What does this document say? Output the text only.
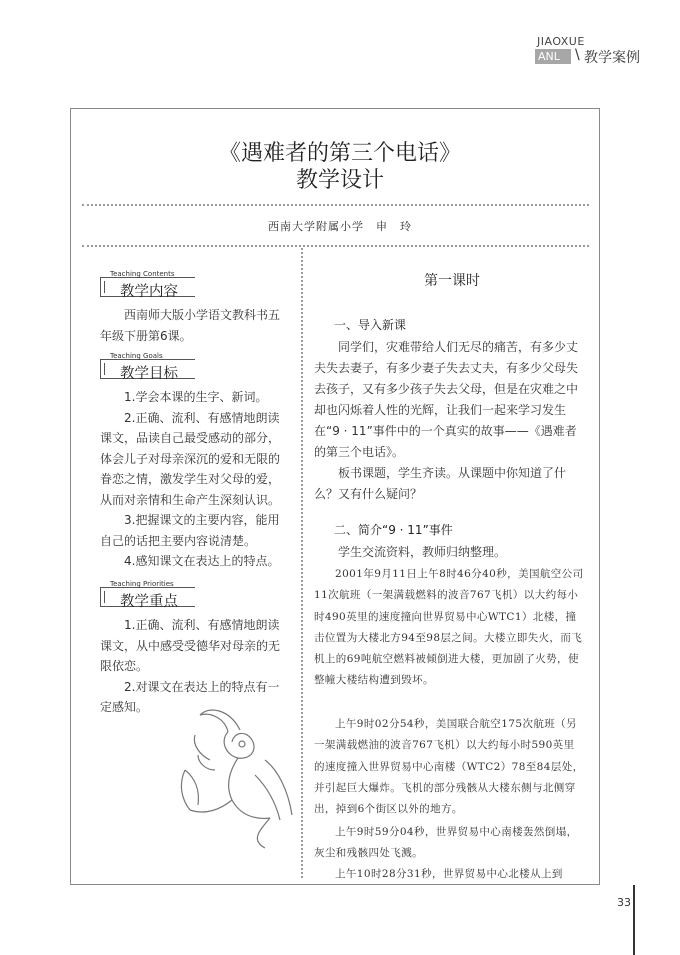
JIAOXUE
ANL	\ 教学案例
《遇难者的第三个电话》
教学设计
西南大学附属小学　申　玲
Teaching Contents
教学内容
西南师大版小学语文教科书五年级下册第6课。
Teaching Goals
教学目标
1.学会本课的生字、新词。
2.正确、流利、有感情地朗读课文，品读自己最受感动的部分，体会儿子对母亲深沉的爱和无限的眷恋之情，激发学生对父母的爱，从而对亲情和生命产生深刻认识。
3.把握课文的主要内容，能用自己的话把主要内容说清楚。
4.感知课文在表达上的特点。
Teaching Priorities
教学重点
1.正确、流利、有感情地朗读课文，从中感受受德华对母亲的无限依恋。
2.对课文在表达上的特点有一定感知。
第一课时
一、导入新课
同学们，灾难带给人们无尽的痛苦，有多少丈夫失去妻子，有多少妻子失去丈夫，有多少父母失去孩子，又有多少孩子失去父母，但是在灾难之中却也闪烁着人性的光辉，让我们一起来学习发生在“9 · 11”事件中的一个真实的故事——《遇难者的第三个电话》。
板书课题，学生齐读。从课题中你知道了什么？又有什么疑问？
二、简介“9 · 11”事件
学生交流资料，教师归纳整理。
2001年9月11日上午8时46分40秒，美国航空公司11次航班（一架满载燃料的波音767飞机）以大约每小时490英里的速度撞向世界贸易中心WTC1）北楼，撞击位置为大楼北方94至98层之间。大楼立即失火，而飞机上的69吨航空燃料被倾倒进大楼，更加剧了火势，使整幢大楼结构遭到毁坏。
上午9时02分54秒，美国联合航空175次航班（另一架满载燃油的波音767飞机）以大约每小时590英里的速度撞入世界贸易中心南楼（WTC2）78至84层处，并引起巨大爆炸。飞机的部分残骸从大楼东侧与北侧穿出，掉到6个街区以外的地方。
上午9时59分04秒，世界贸易中心南楼轰然倒塌，灰尘和残骸四处飞溅。
上午10时28分31秒，世界贸易中心北楼从上到
33
